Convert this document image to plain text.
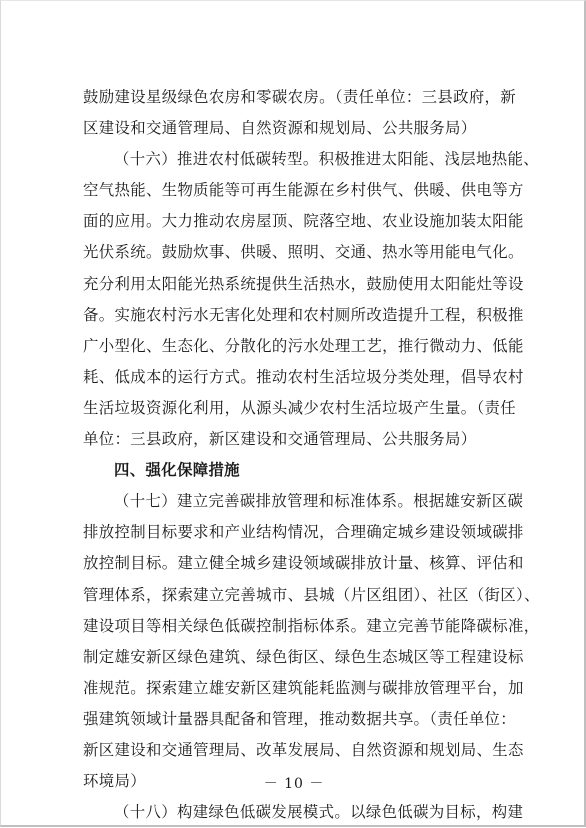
鼓励建设星级绿色农房和零碳农房。（责任单位：三县政府，新
区建设和交通管理局、自然资源和规划局、公共服务局）
（十六）推进农村低碳转型。积极推进太阳能、浅层地热能、
空气热能、生物质能等可再生能源在乡村供气、供暖、供电等方
面的应用。大力推动农房屋顶、院落空地、农业设施加装太阳能
光伏系统。鼓励炊事、供暖、照明、交通、热水等用能电气化。
充分利用太阳能光热系统提供生活热水，鼓励使用太阳能灶等设
备。实施农村污水无害化处理和农村厕所改造提升工程，积极推
广小型化、生态化、分散化的污水处理工艺，推行微动力、低能
耗、低成本的运行方式。推动农村生活垃圾分类处理，倡导农村
生活垃圾资源化利用，从源头减少农村生活垃圾产生量。（责任
单位：三县政府，新区建设和交通管理局、公共服务局）
四、强化保障措施
（十七）建立完善碳排放管理和标准体系。根据雄安新区碳
排放控制目标要求和产业结构情况，合理确定城乡建设领域碳排
放控制目标。建立健全城乡建设领域碳排放计量、核算、评估和
管理体系，探索建立完善城市、县城（片区组团）、社区（街区）、
建设项目等相关绿色低碳控制指标体系。建立完善节能降碳标准，
制定雄安新区绿色建筑、绿色街区、绿色生态城区等工程建设标
准规范。探索建立雄安新区建筑能耗监测与碳排放管理平台，加
强建筑领域计量器具配备和管理，推动数据共享。（责任单位：
新区建设和交通管理局、改革发展局、自然资源和规划局、生态
环境局）
（十八）构建绿色低碳发展模式。以绿色低碳为目标，构建
－ 10 －
